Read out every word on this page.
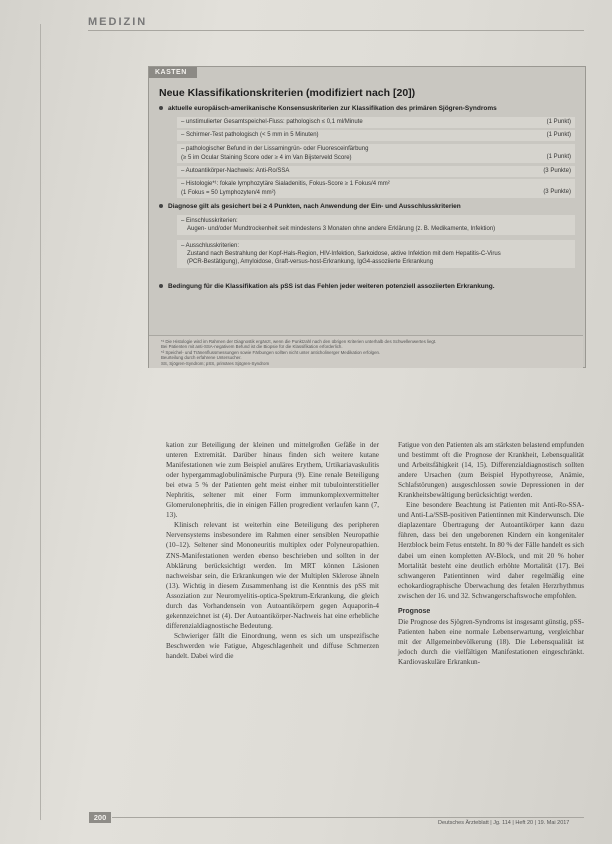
MEDIZIN
KASTEN
Neue Klassifikationskriterien (modifiziert nach [20])
aktuelle europäisch-amerikanische Konsensuskriterien zur Klassifikation des primären Sjögren-Syndroms
– unstimulierter Gesamtspeichel-Fluss: pathologisch ≤ 0,1 ml/Minute	(1 Punkt)
– Schirmer-Test pathologisch (< 5 mm in 5 Minuten)	(1 Punkt)
– pathologischer Befund in der Lissamingrün- oder Fluoresceinfärbung
(≥ 5 im Ocular Staining Score oder ≥ 4 im Van Bijsterveld Score)	(1 Punkt)
– Autoantikörper-Nachweis: Anti-Ro/SSA	(3 Punkte)
– Histologie*¹: fokale lymphozytäre Sialadenitis, Fokus-Score ≥ 1 Fokus/4 mm²
(1 Fokus = 50 Lymphozyten/4 mm²)	(3 Punkte)
Diagnose gilt als gesichert bei ≥ 4 Punkten, nach Anwendung der Ein- und Ausschlusskriterien
– Einschlusskriterien:
Augen- und/oder Mundtrockenheit seit mindestens 3 Monaten ohne andere Erklärung (z. B. Medikamente, Infektion)
– Ausschlusskriterien:
Zustand nach Bestrahlung der Kopf-Hals-Region, HIV-Infektion, Sarkoidose, aktive Infektion mit dem Hepatitis-C-Virus
(PCR-Bestätigung), Amyloidose, Graft-versus-host-Erkrankung, IgG4-assoziierte Erkrankung
Bedingung für die Klassifikation als pSS ist das Fehlen jeder weiteren potenziell assoziierten Erkrankung.
*¹ Die Histologie wird im Rahmen der Diagnostik ergänzt, wenn die Punktzahl nach den übrigen Kriterien unterhalb des Schwellenwertes liegt.
Bei Patienten mit anti-SSA-negativem Befund ist die Biopsie für die Klassifikation erforderlich.
*² Speichel- und Tränenflussmessungen sowie Färbungen sollten nicht unter anticholinerger Medikation erfolgen.
Beurteilung durch erfahrene Untersucher.
SS, Sjögren-Syndrom; pSS, primäres Sjögren-Syndrom

kation zur Beteiligung der kleinen und mittelgroßen Gefäße in der unteren Extremität. Darüber hinaus finden sich weitere kutane Manifestationen wie zum Beispiel anuläres Erythem, Urtikariavaskulitis oder hypergammaglobulinämische Purpura (9). Eine renale Beteiligung bei etwa 5 % der Patienten geht meist einher mit tubulointerstitieller Nephritis, seltener mit einer Form immunkomplexvermittelter Glomerulonephritis, die in einigen Fällen progredient verlaufen kann (7, 13).

Klinisch relevant ist weiterhin eine Beteiligung des peripheren Nervensystems insbesondere im Rahmen einer sensiblen Neuropathie (10–12). Seltener sind Mononeuritis multiplex oder Polyneuropathien. ZNS-Manifestationen werden ebenso beschrieben und sollten in der Abklärung berücksichtigt werden. Im MRT können Läsionen nachweisbar sein, die Erkrankungen wie der Multiplen Sklerose ähneln (13). Wichtig in diesem Zusammenhang ist die Kenntnis des pSS mit Assoziation zur Neuromyelitis-optica-Spektrum-Erkrankung, die gleich durch das Vorhandensein von Autoantikörpern gegen Aquaporin-4 gekennzeichnet ist (4). Der Autoantikörper-Nachweis hat eine erhebliche differenzialdiagnostische Bedeutung.

Schwieriger fällt die Einordnung, wenn es sich um unspezifische Beschwerden wie Fatigue, Abgeschlagenheit und diffuse Schmerzen handelt. Dabei wird die

Fatigue von den Patienten als am stärksten belastend empfunden und bestimmt oft die Prognose der Krankheit, Lebensqualität und Arbeitsfähigkeit (14, 15). Differenzialdiagnostisch sollten andere Ursachen (zum Beispiel Hypothyreose, Anämie, Schlafstörungen) ausgeschlossen sowie Depressionen in der Krankheitsbewältigung berücksichtigt werden.

Eine besondere Beachtung ist Patienten mit Anti-Ro-SSA- und Anti-La/SSB-positiven Patientinnen mit Kinderwunsch. Die diaplazentare Übertragung der Autoantikörper kann dazu führen, dass bei den ungeborenen Kindern ein kongenitaler Herzblock beim Fetus entsteht. In 80 % der Fälle handelt es sich dabei um einen kompletten AV-Block, und mit 20 % hoher Mortalität besteht eine deutlich erhöhte Mortalität (17). Bei schwangeren Patientinnen wird daher regelmäßig eine echokardiographische Überwachung des fetalen Herzrhythmus zwischen der 16. und 32. Schwangerschaftswoche empfohlen.

Prognose

Die Prognose des Sjögren-Syndroms ist insgesamt günstig, pSS-Patienten haben eine normale Lebenserwartung, vergleichbar mit der Allgemeinbevölkerung (18). Die Lebensqualität ist jedoch durch die vielfältigen Manifestationen eingeschränkt. Kardiovaskuläre Erkrankun-

200
Deutsches Ärzteblatt | Jg. 114 | Heft 20 | 19. Mai 2017
